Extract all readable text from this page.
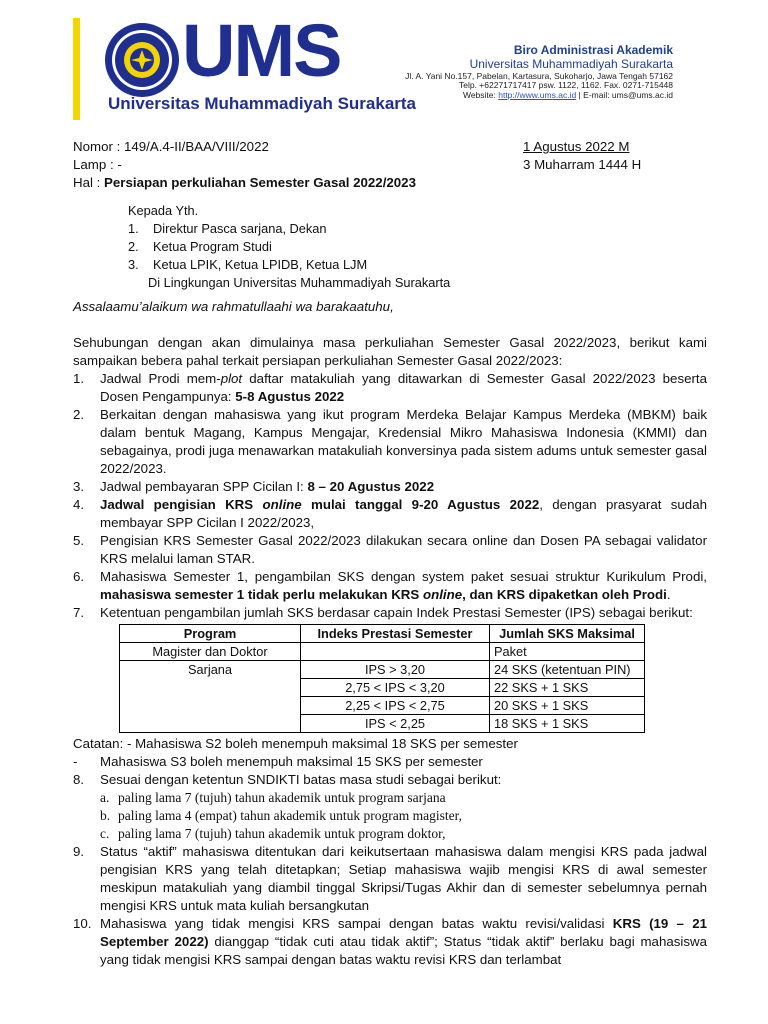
UMS
Universitas Muhammadiyah Surakarta
Biro Administrasi Akademik
Universitas Muhammadiyah Surakarta
Jl. A. Yani No.157, Pabelan, Kartasura, Sukoharjo, Jawa Tengah 57162
Telp. +62271717417 psw. 1122, 1162. Fax. 0271-715448
Website: http://www.ums.ac.id | E-mail: ums@ums.ac.id
Nomor : 149/A.4-II/BAA/VIII/2022	1 Agustus 2022 M
Lamp : -	3 Muharram 1444 H
Hal : Persiapan perkuliahan Semester Gasal 2022/2023
Kepada Yth.
1.	Direktur Pasca sarjana, Dekan
2.	Ketua Program Studi
3.	Ketua LPIK, Ketua LPIDB, Ketua LJM
Di Lingkungan Universitas Muhammadiyah Surakarta
Assalaamu’alaikum wa rahmatullaahi wa barakaatuhu,

Sehubungan dengan akan dimulainya masa perkuliahan Semester Gasal 2022/2023, berikut kami sampaikan bebera pahal terkait persiapan perkuliahan Semester Gasal 2022/2023:

1.	Jadwal Prodi mem-plot daftar matakuliah yang ditawarkan di Semester Gasal 2022/2023 beserta Dosen Pengampunya: 5-8 Agustus 2022
2.	Berkaitan dengan mahasiswa yang ikut program Merdeka Belajar Kampus Merdeka (MBKM) baik dalam bentuk Magang, Kampus Mengajar, Kredensial Mikro Mahasiswa Indonesia (KMMI) dan sebagainya, prodi juga menawarkan matakuliah konversinya pada sistem adums untuk semester gasal 2022/2023.
3.	Jadwal pembayaran SPP Cicilan I: 8 – 20 Agustus 2022
4.	Jadwal pengisian KRS online mulai tanggal 9-20 Agustus 2022, dengan prasyarat sudah membayar SPP Cicilan I 2022/2023,
5.	Pengisian KRS Semester Gasal 2022/2023 dilakukan secara online dan Dosen PA sebagai validator KRS melalui laman STAR.
6.	Mahasiswa Semester 1, pengambilan SKS dengan system paket sesuai struktur Kurikulum Prodi, mahasiswa semester 1 tidak perlu melakukan KRS online, dan KRS dipaketkan oleh Prodi.
7.	Ketentuan pengambilan jumlah SKS berdasar capain Indek Prestasi Semester (IPS) sebagai berikut:
Program	Indeks Prestasi Semester	Jumlah SKS Maksimal
Magister dan Doktor		Paket
Sarjana	IPS > 3,20	24 SKS (ketentuan PIN)
	2,75 < IPS < 3,20	22 SKS + 1 SKS
	2,25 < IPS < 2,75	20 SKS + 1 SKS
	IPS < 2,25	18 SKS + 1 SKS
Catatan: - Mahasiswa S2 boleh menempuh maksimal 18 SKS per semester
-	Mahasiswa S3 boleh menempuh maksimal 15 SKS per semester
8.	Sesuai dengan ketentun SNDIKTI batas masa studi sebagai berikut:
a. paling lama 7 (tujuh) tahun akademik untuk program sarjana
b. paling lama 4 (empat) tahun akademik untuk program magister,
c. paling lama 7 (tujuh) tahun akademik untuk program doktor,
9.	Status “aktif” mahasiswa ditentukan dari keikutsertaan mahasiswa dalam mengisi KRS pada jadwal pengisian KRS yang telah ditetapkan; Setiap mahasiswa wajib mengisi KRS di awal semester meskipun matakuliah yang diambil tinggal Skripsi/Tugas Akhir dan di semester sebelumnya pernah mengisi KRS untuk mata kuliah bersangkutan
10. Mahasiswa yang tidak mengisi KRS sampai dengan batas waktu revisi/validasi KRS (19 – 21 September 2022) dianggap “tidak cuti atau tidak aktif”; Status “tidak aktif” berlaku bagi mahasiswa yang tidak mengisi KRS sampai dengan batas waktu revisi KRS dan terlambat
